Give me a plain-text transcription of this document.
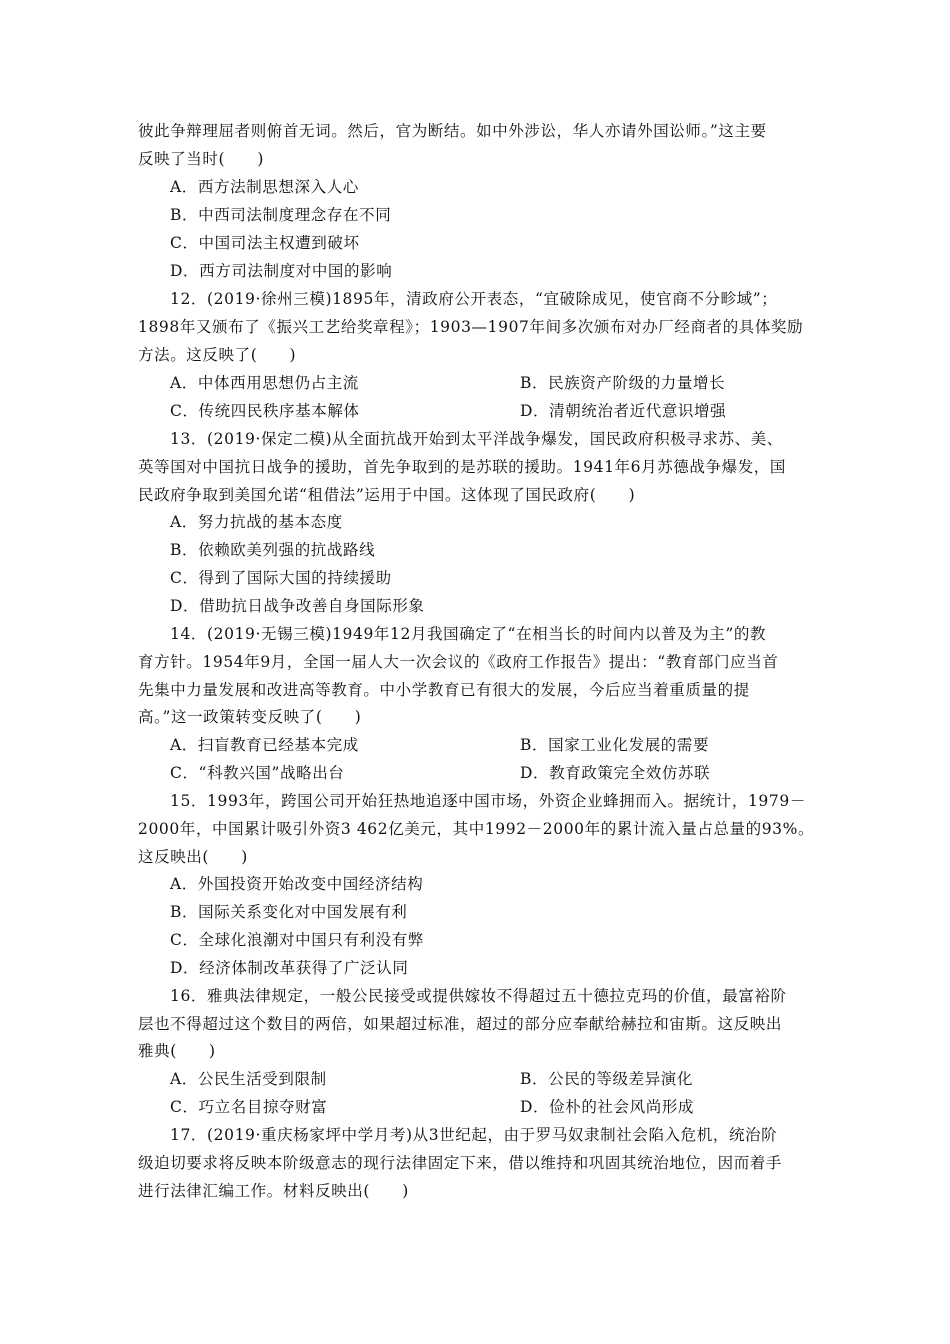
彼此争辩理屈者则俯首无词。然后，官为断结。如中外涉讼，华人亦请外国讼师。”这主要
反映了当时(　　)
A．西方法制思想深入人心
B．中西司法制度理念存在不同
C．中国司法主权遭到破坏
D．西方司法制度对中国的影响
12．(2019·徐州三模)1895年，清政府公开表态，“宜破除成见，使官商不分畛域”；
1898年又颁布了《振兴工艺给奖章程》；1903—1907年间多次颁布对办厂经商者的具体奖励
方法。这反映了(　　)
A．中体西用思想仍占主流	B．民族资产阶级的力量增长
C．传统四民秩序基本解体	D．清朝统治者近代意识增强
13．(2019·保定二模)从全面抗战开始到太平洋战争爆发，国民政府积极寻求苏、美、
英等国对中国抗日战争的援助，首先争取到的是苏联的援助。1941年6月苏德战争爆发，国
民政府争取到美国允诺“租借法”运用于中国。这体现了国民政府(　　)
A．努力抗战的基本态度
B．依赖欧美列强的抗战路线
C．得到了国际大国的持续援助
D．借助抗日战争改善自身国际形象
14．(2019·无锡三模)1949年12月我国确定了“在相当长的时间内以普及为主”的教
育方针。1954年9月，全国一届人大一次会议的《政府工作报告》提出：“教育部门应当首
先集中力量发展和改进高等教育。中小学教育已有很大的发展，今后应当着重质量的提
高。”这一政策转变反映了(　　)
A．扫盲教育已经基本完成	B．国家工业化发展的需要
C．“科教兴国”战略出台	D．教育政策完全效仿苏联
15．1993年，跨国公司开始狂热地追逐中国市场，外资企业蜂拥而入。据统计，1979－
2000年，中国累计吸引外资3 462亿美元，其中1992－2000年的累计流入量占总量的93%。
这反映出(　　)
A．外国投资开始改变中国经济结构
B．国际关系变化对中国发展有利
C．全球化浪潮对中国只有利没有弊
D．经济体制改革获得了广泛认同
16．雅典法律规定，一般公民接受或提供嫁妆不得超过五十德拉克玛的价值，最富裕阶
层也不得超过这个数目的两倍，如果超过标准，超过的部分应奉献给赫拉和宙斯。这反映出
雅典(　　)
A．公民生活受到限制	B．公民的等级差异演化
C．巧立名目掠夺财富	D．俭朴的社会风尚形成
17．(2019·重庆杨家坪中学月考)从3世纪起，由于罗马奴隶制社会陷入危机，统治阶
级迫切要求将反映本阶级意志的现行法律固定下来，借以维持和巩固其统治地位，因而着手
进行法律汇编工作。材料反映出(　　)
